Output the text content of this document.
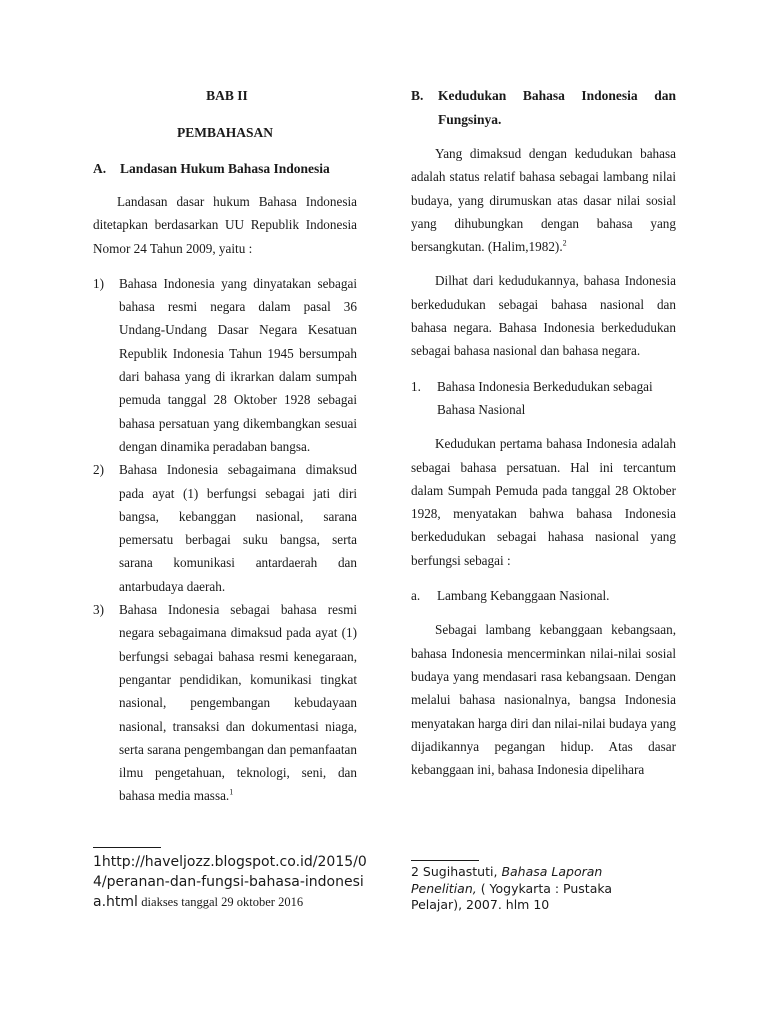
BAB II
PEMBAHASAN
A.	Landasan Hukum Bahasa Indonesia
Landasan dasar hukum Bahasa Indonesia ditetapkan berdasarkan UU Republik Indonesia Nomor 24 Tahun 2009, yaitu :
1)	Bahasa Indonesia yang dinyatakan sebagai bahasa resmi negara dalam pasal 36 Undang-Undang Dasar Negara Kesatuan Republik Indonesia Tahun 1945 bersumpah dari bahasa yang di ikrarkan dalam sumpah pemuda tanggal 28 Oktober 1928 sebagai bahasa persatuan yang dikembangkan sesuai dengan dinamika peradaban bangsa.
2)	Bahasa Indonesia sebagaimana dimaksud pada ayat (1) berfungsi sebagai jati diri bangsa, kebanggan nasional, sarana pemersatu berbagai suku bangsa, serta sarana komunikasi antardaerah dan antarbudaya daerah.
3)	Bahasa Indonesia sebagai bahasa resmi negara sebagaimana dimaksud pada ayat (1) berfungsi sebagai bahasa resmi kenegaraan, pengantar pendidikan, komunikasi tingkat nasional, pengembangan kebudayaan nasional, transaksi dan dokumentasi niaga, serta sarana pengembangan dan pemanfaatan ilmu pengetahuan, teknologi, seni, dan bahasa media massa.$^1$
1http://haveljozz.blogspot.co.id/2015/04/peranan-dan-fungsi-bahasa-indonesia.html diakses tanggal 29 oktober 2016
B.	Kedudukan Bahasa Indonesia dan Fungsinya.
Yang dimaksud dengan kedudukan bahasa adalah status relatif bahasa sebagai lambang nilai budaya, yang dirumuskan atas dasar nilai sosial yang dihubungkan dengan bahasa yang bersangkutan. (Halim,1982).$^2$
Dilhat dari kedudukannya, bahasa Indonesia berkedudukan sebagai bahasa nasional dan bahasa negara. Bahasa Indonesia berkedudukan sebagai bahasa nasional dan bahasa negara.
1.	Bahasa Indonesia Berkedudukan sebagai Bahasa Nasional
Kedudukan pertama bahasa Indonesia adalah sebagai bahasa persatuan. Hal ini tercantum dalam Sumpah Pemuda pada tanggal 28 Oktober 1928, menyatakan bahwa bahasa Indonesia berkedudukan sebagai hahasa nasional yang berfungsi sebagai :
a.	Lambang Kebanggaan Nasional.
Sebagai lambang kebanggaan kebangsaan, bahasa Indonesia mencerminkan nilai-nilai sosial budaya yang mendasari rasa kebangsaan. Dengan melalui bahasa nasionalnya, bangsa Indonesia menyatakan harga diri dan nilai-nilai budaya yang dijadikannya pegangan hidup. Atas dasar kebanggaan ini, bahasa Indonesia dipelihara
2 Sugihastuti, Bahasa Laporan Penelitian, ( Yogykarta : Pustaka Pelajar), 2007. hlm 10
